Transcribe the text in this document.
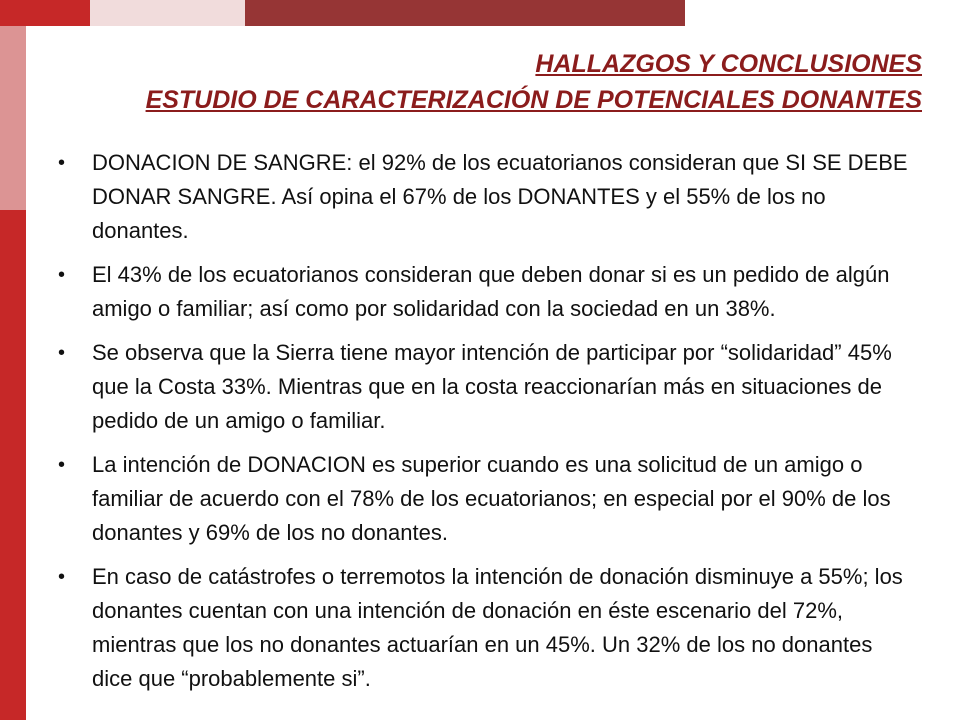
HALLAZGOS Y CONCLUSIONES
ESTUDIO DE CARACTERIZACIÓN DE POTENCIALES DONANTES
•	DONACION DE SANGRE: el 92% de los ecuatorianos consideran que SI SE DEBE DONAR SANGRE. Así opina el 67% de los DONANTES y el 55% de los no donantes.
•	El 43% de los ecuatorianos consideran que deben donar si es un pedido de algún amigo o familiar; así como por solidaridad con la sociedad en un 38%.
•	Se observa que la Sierra tiene mayor intención de participar por “solidaridad” 45% que la Costa 33%. Mientras que en la costa reaccionarían más en situaciones de pedido de un amigo o familiar.
•	La intención de DONACION es superior cuando es una solicitud de un amigo o familiar de acuerdo con el 78% de los ecuatorianos; en especial por el 90% de los donantes y 69% de los no donantes.
•	En caso de catástrofes o terremotos la intención de donación disminuye a 55%; los donantes cuentan con una intención de donación en éste escenario del 72%, mientras que los no donantes actuarían en un 45%. Un 32% de los no donantes dice que “probablemente si”.
